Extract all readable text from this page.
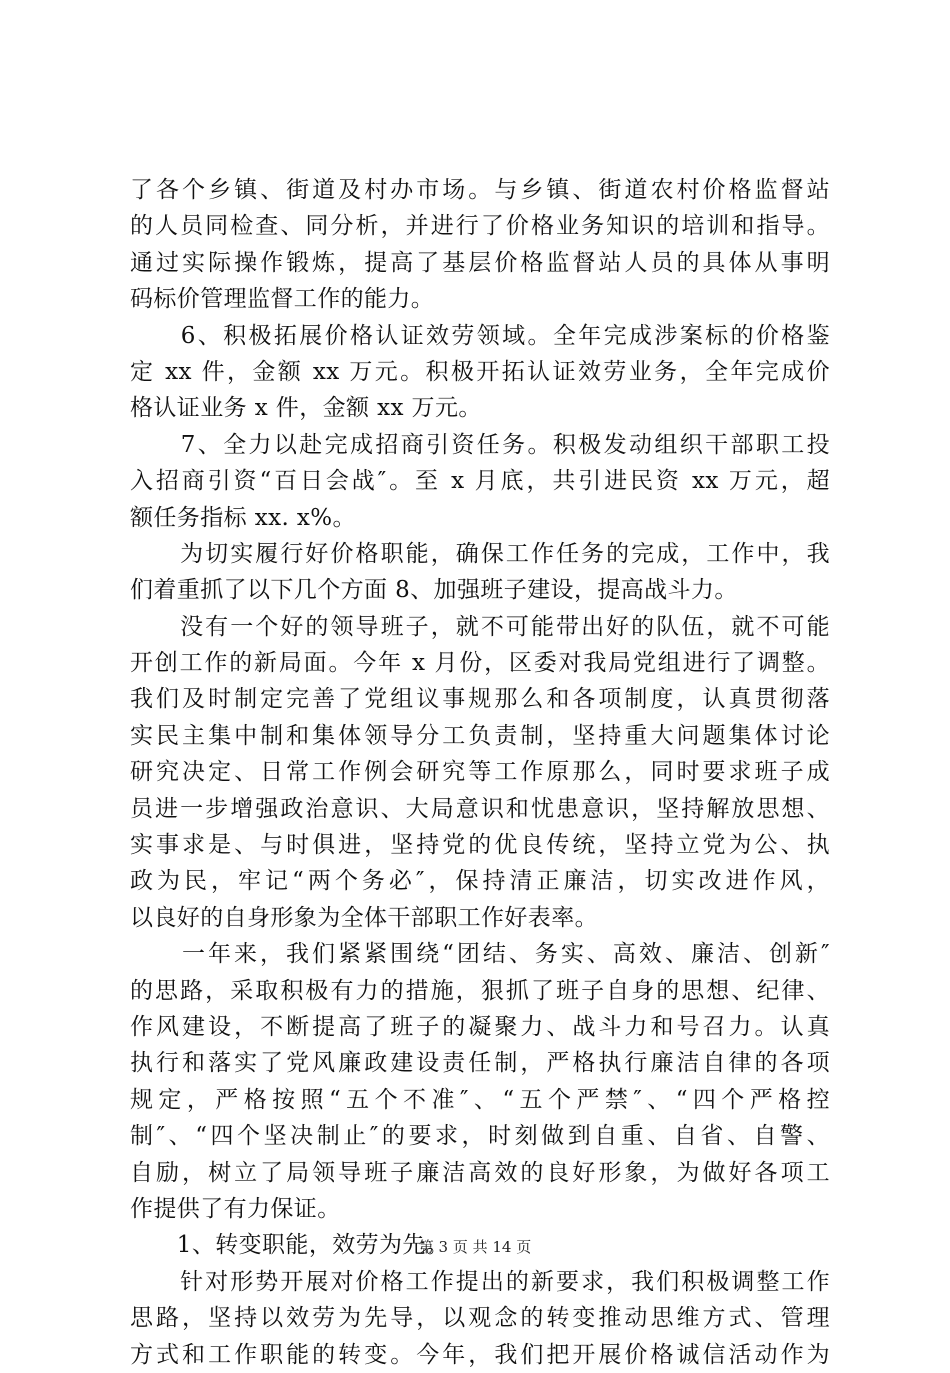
了各个乡镇、街道及村办市场。与乡镇、街道农村价格监督站
的人员同检查、同分析，并进行了价格业务知识的培训和指导。
通过实际操作锻炼，提高了基层价格监督站人员的具体从事明
码标价管理监督工作的能力。
　　6、积极拓展价格认证效劳领域。全年完成涉案标的价格鉴
定 xx 件，金额 xx 万元。积极开拓认证效劳业务，全年完成价
格认证业务 x 件，金额 xx 万元。
　　7、全力以赴完成招商引资任务。积极发动组织干部职工投
入招商引资“百日会战″。至 x 月底，共引进民资 xx 万元，超
额任务指标 xx. x%。
　　为切实履行好价格职能，确保工作任务的完成，工作中，我
们着重抓了以下几个方面 8、加强班子建设，提高战斗力。
　　没有一个好的领导班子，就不可能带出好的队伍，就不可能
开创工作的新局面。今年 x 月份，区委对我局党组进行了调整。
我们及时制定完善了党组议事规那么和各项制度，认真贯彻落
实民主集中制和集体领导分工负责制，坚持重大问题集体讨论
研究决定、日常工作例会研究等工作原那么，同时要求班子成
员进一步增强政治意识、大局意识和忧患意识，坚持解放思想、
实事求是、与时俱进，坚持党的优良传统，坚持立党为公、执
政为民，牢记“两个务必″，保持清正廉洁，切实改进作风，
以良好的自身形象为全体干部职工作好表率。
　　一年来，我们紧紧围绕“团结、务实、高效、廉洁、创新″
的思路，采取积极有力的措施，狠抓了班子自身的思想、纪律、
作风建设，不断提高了班子的凝聚力、战斗力和号召力。认真
执行和落实了党风廉政建设责任制，严格执行廉洁自律的各项
规定，严格按照“五个不准″、“五个严禁″、“四个严格控
制″、“四个坚决制止″的要求，时刻做到自重、自省、自警、
自励，树立了局领导班子廉洁高效的良好形象，为做好各项工
作提供了有力保证。
　　1、转变职能，效劳为先。
　　针对形势开展对价格工作提出的新要求，我们积极调整工作
思路，坚持以效劳为先导，以观念的转变推动思维方式、管理
方式和工作职能的转变。今年，我们把开展价格诚信活动作为
第 3 页 共 14 页
